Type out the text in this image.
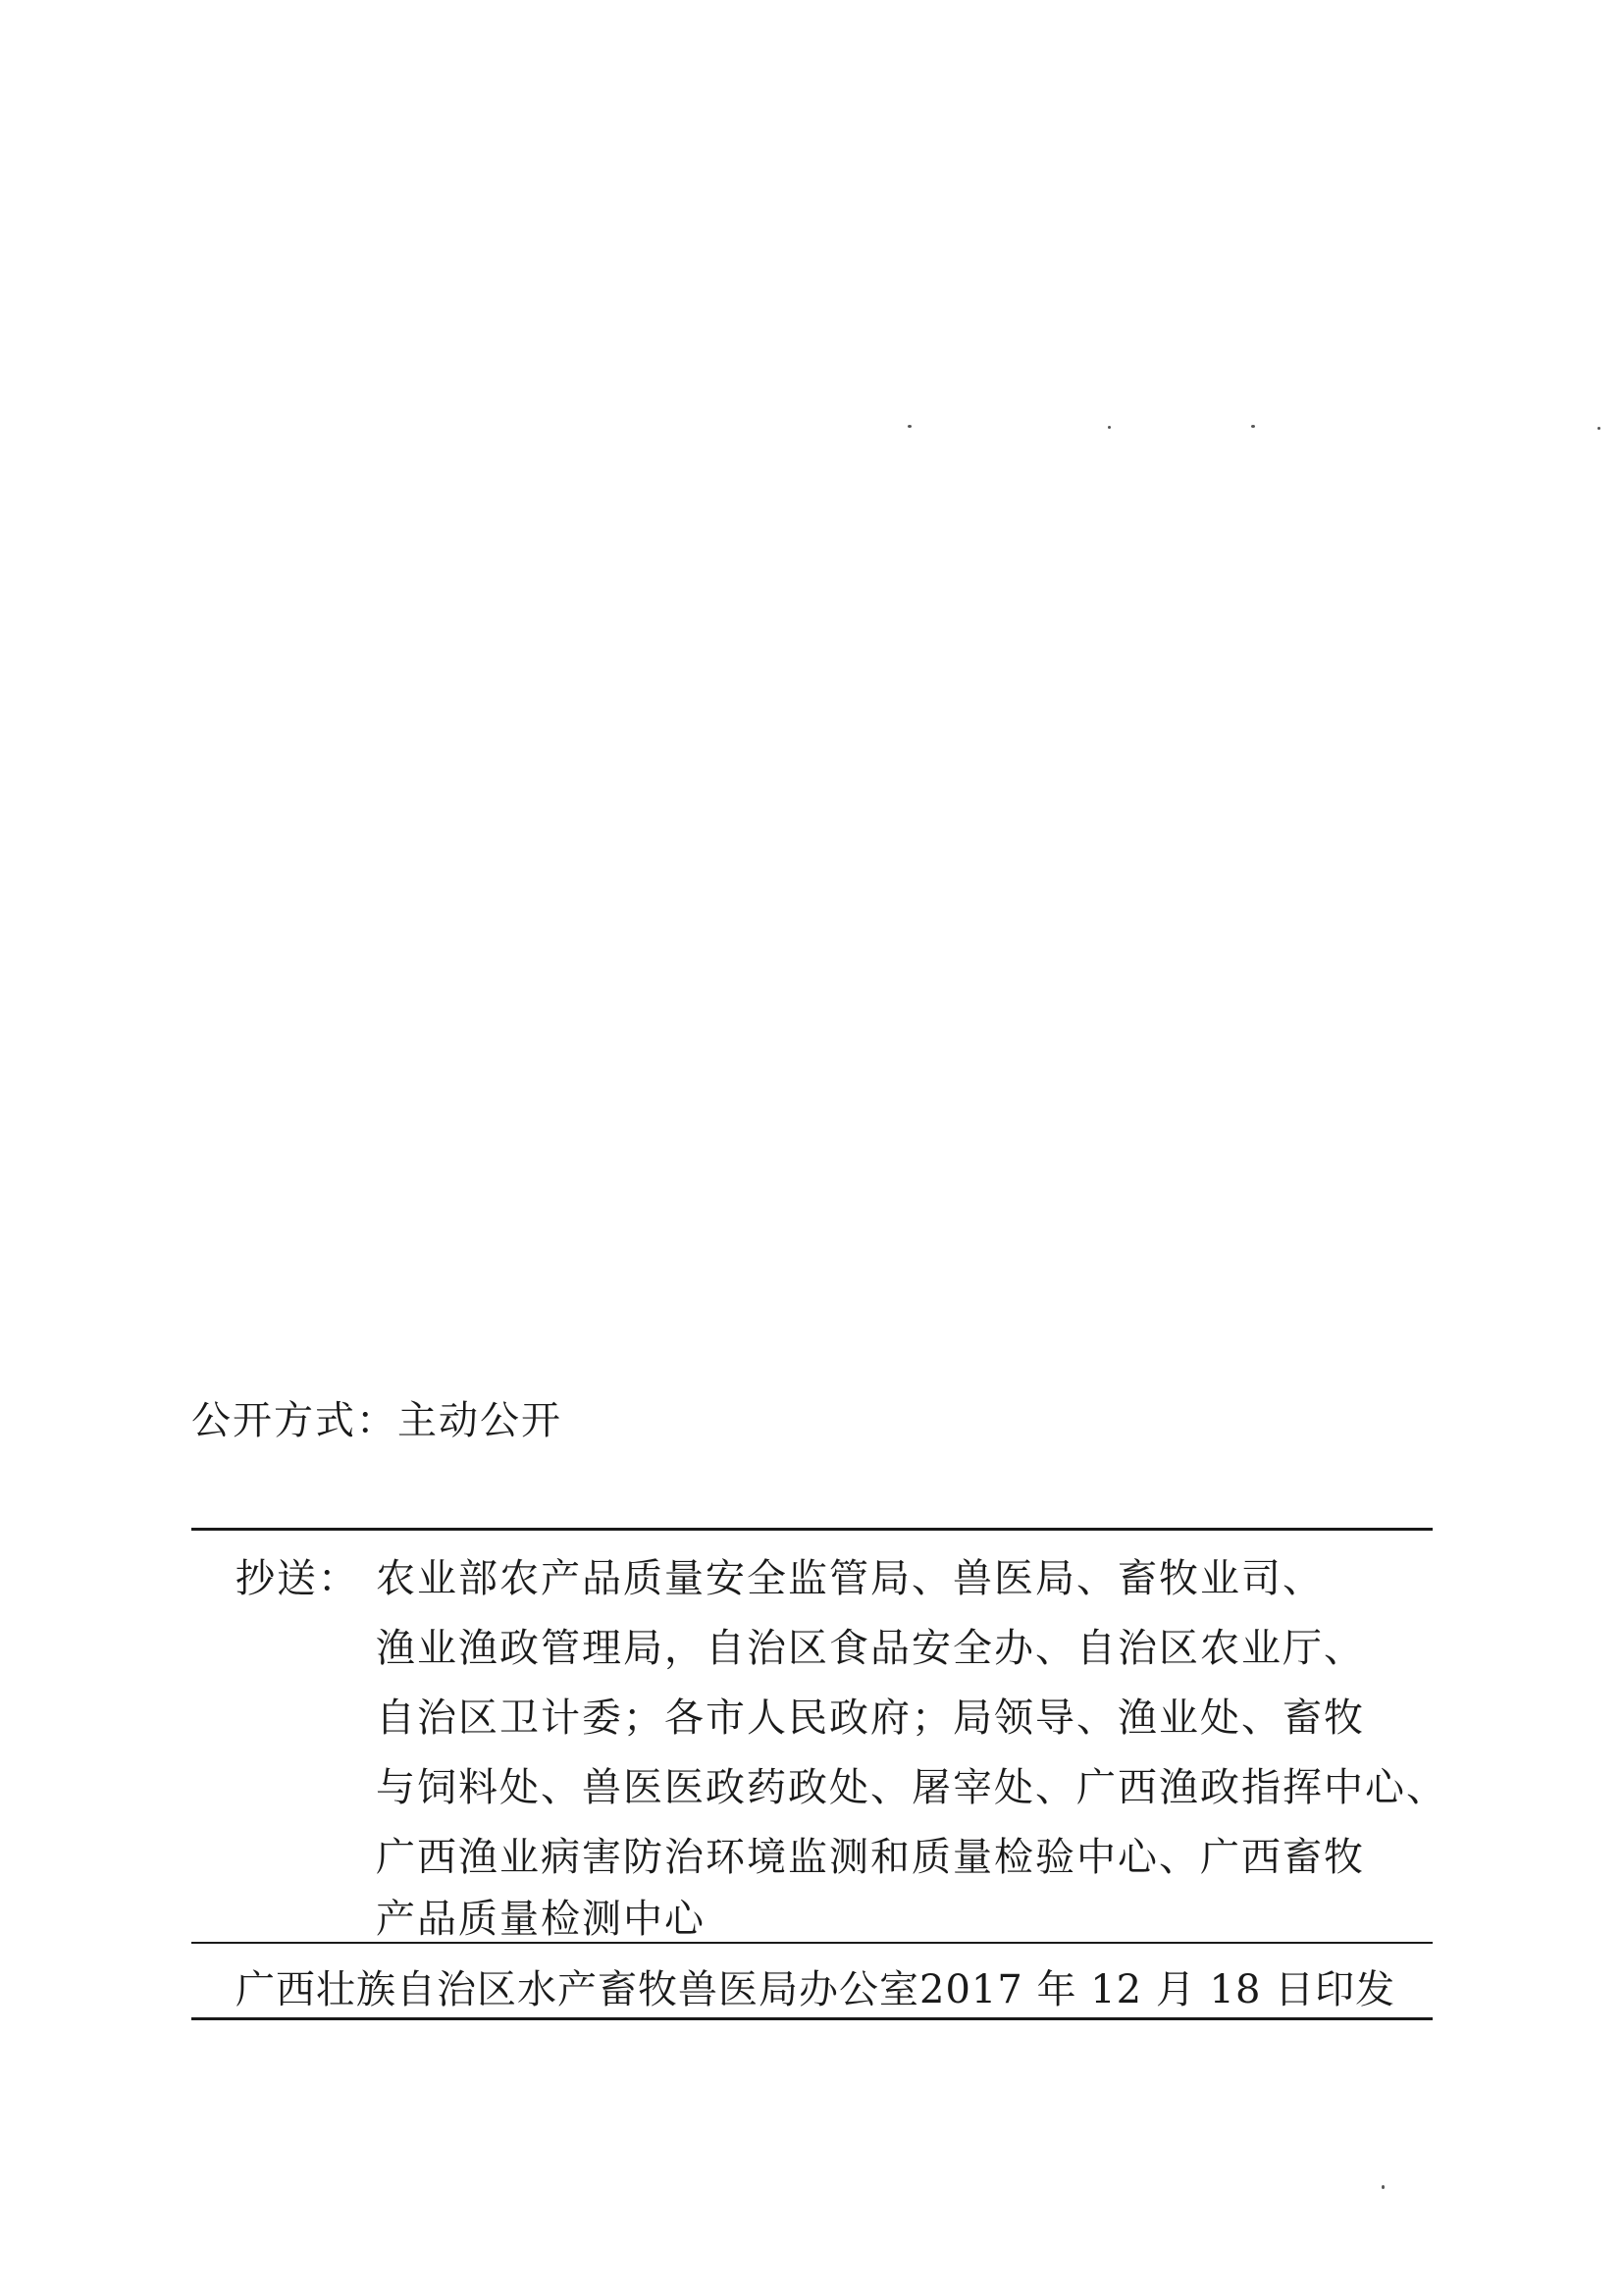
公开方式：主动公开
抄送： 农业部农产品质量安全监管局、兽医局、畜牧业司、
渔业渔政管理局，自治区食品安全办、自治区农业厅、
自治区卫计委；各市人民政府；局领导、渔业处、畜牧
与饲料处、兽医医政药政处、屠宰处、广西渔政指挥中心、
广西渔业病害防治环境监测和质量检验中心、广西畜牧
产品质量检测中心
广西壮族自治区水产畜牧兽医局办公室 2017 年 12 月 18 日印发
